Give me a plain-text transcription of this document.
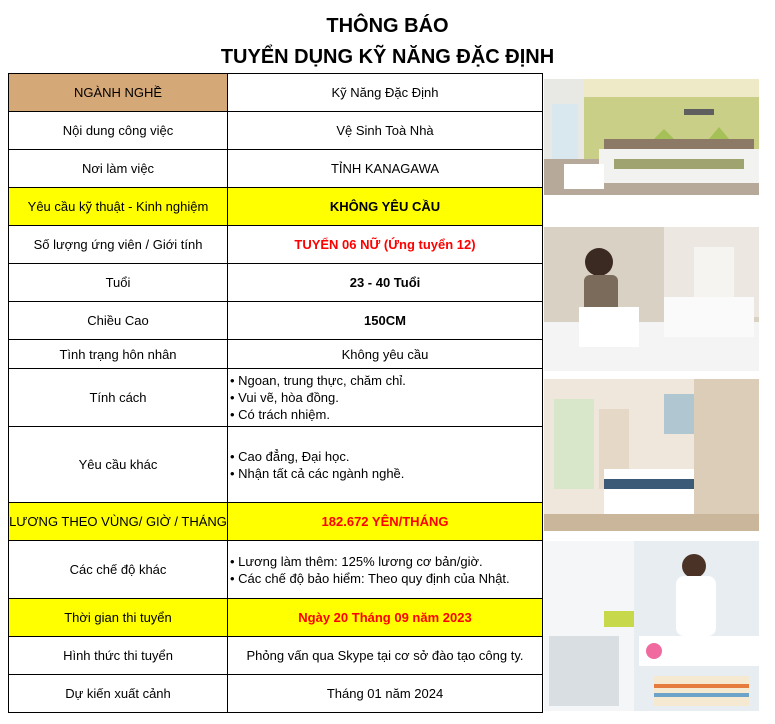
THÔNG BÁO
TUYỂN DỤNG KỸ NĂNG ĐẶC ĐỊNH
NGÀNH NGHỀ	Kỹ Năng Đặc Định
Nội dung công việc	Vệ Sinh Toà Nhà
Nơi làm việc	TỈNH KANAGAWA
Yêu cầu kỹ thuật - Kinh nghiệm	KHÔNG YÊU CẦU
Số lượng ứng viên / Giới tính	TUYỂN 06 NỮ (Ứng tuyển 12)
Tuổi	23 - 40 Tuổi
Chiều Cao	150CM
Tình trạng hôn nhân	Không yêu cầu
Tính cách	• Ngoan, trung thực, chăm chỉ.
• Vui vẽ, hòa đồng.
• Có trách nhiệm.

Yêu cầu khác	• Cao đẳng, Đại học.
• Nhận tất cả các ngành nghề.

LƯƠNG THEO VÙNG/ GIỜ / THÁNG	182.672 YÊN/THÁNG
Các chế độ khác	• Lương làm thêm: 125% lương cơ bản/giờ.
• Các chế độ bảo hiểm: Theo quy định của Nhật.

Thời gian thi tuyển	Ngày 20 Tháng 09 năm 2023
Hình thức thi tuyển	Phỏng vấn qua Skype tại cơ sở đào tạo công ty.
Dự kiến xuất cảnh	Tháng 01 năm 2024
